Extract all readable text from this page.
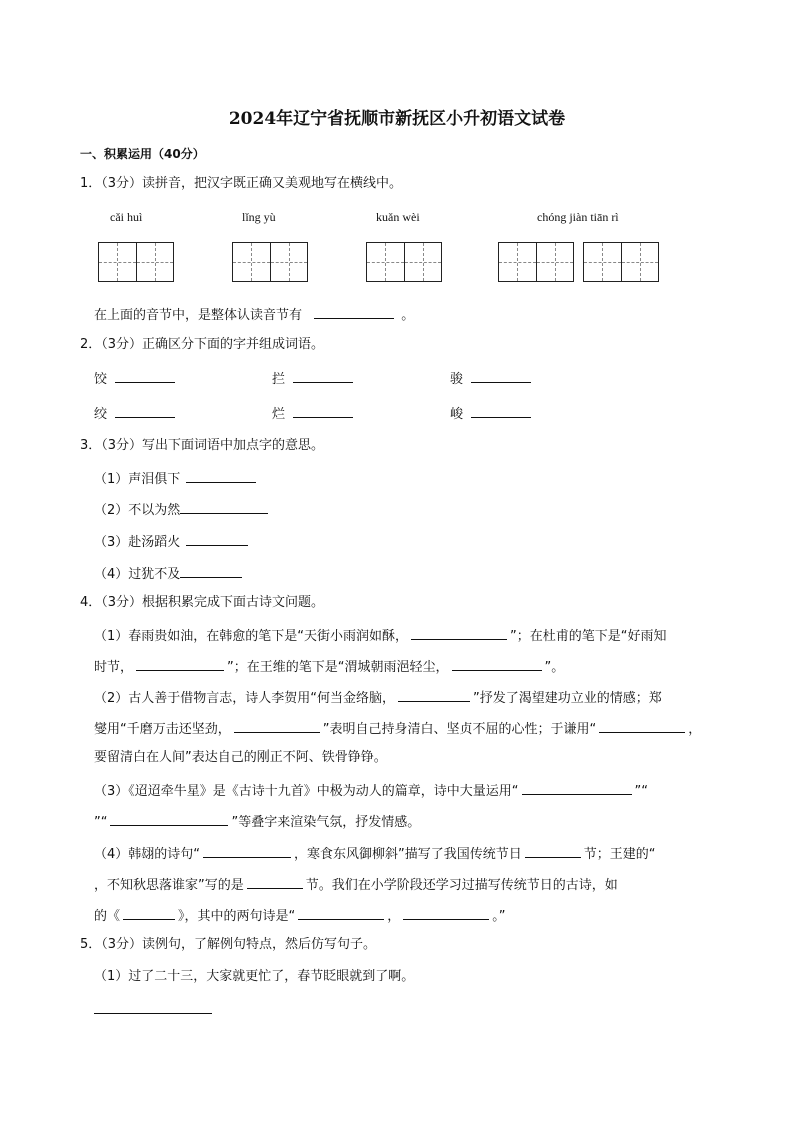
2024年辽宁省抚顺市新抚区小升初语文试卷
一、积累运用（40分）
1．（3分）读拼音，把汉字既正确又美观地写在横线中。
cǎi huì	lǐng yù	kuǎn wèi	chóng jiàn tiān rì
在上面的音节中，是整体认读音节有	。
2．（3分）正确区分下面的字并组成词语。
饺	拦	骏
绞	烂	峻
3．（3分）写出下面词语中加点字的意思。
（1）声泪俱下
（2）不以为然
（3）赴汤蹈火
（4）过犹不及
4．（3分）根据积累完成下面古诗文问题。
（1）春雨贵如油，在韩愈的笔下是“天街小雨润如酥，	”；在杜甫的笔下是“好雨知
时节，	”；在王维的笔下是“渭城朝雨浥轻尘，	”。
（2）古人善于借物言志，诗人李贺用“何当金络脑，	”抒发了渴望建功立业的情感；郑
燮用“千磨万击还坚劲，	”表明自己持身清白、坚贞不屈的心性；于谦用“	，
要留清白在人间”表达自己的刚正不阿、铁骨铮铮。
（3）《迢迢牵牛星》是《古诗十九首》中极为动人的篇章，诗中大量运用“	”“
”“	”等叠字来渲染气氛，抒发情感。
（4）韩翃的诗句“	，寒食东风御柳斜”描写了我国传统节日	节；王建的“
，不知秋思落谁家”写的是	节。我们在小学阶段还学习过描写传统节日的古诗，如
的《	》，其中的两句诗是“	，	。”
5．（3分）读例句，了解例句特点，然后仿写句子。
（1）过了二十三，大家就更忙了，春节眨眼就到了啊。
